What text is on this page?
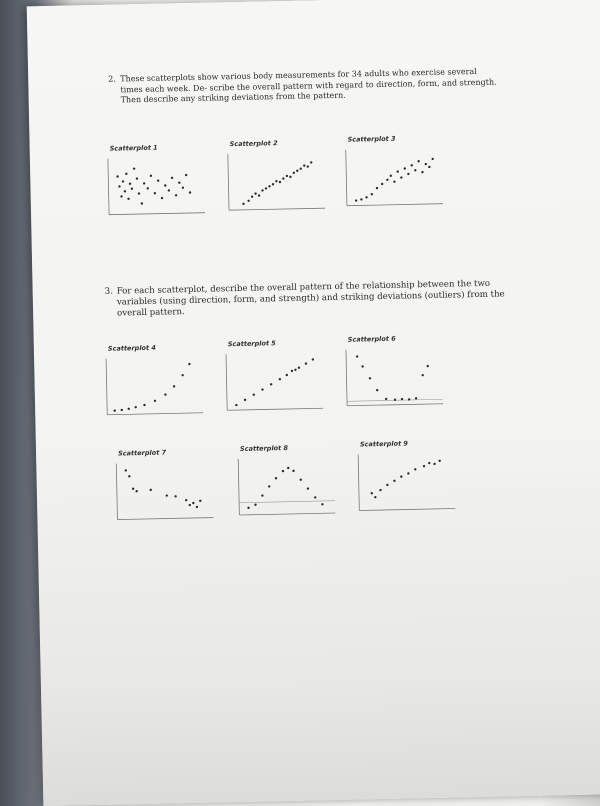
2. These scatterplots show various body measurements for 34 adults who exercise several
times each week. De- scribe the overall pattern with regard to direction, form, and strength.
Then describe any striking deviations from the pattern.
Scatterplot 1
Scatterplot 2	Scatterplot 3
3. For each scatterplot, describe the overall pattern of the relationship between the two
variables (using direction, form, and strength) and striking deviations (outliers) from the
overall pattern.
Scatterplot 4
Scatterplot 5
Scatterplot 6
Scatterplot 7
Scatterplot 8
Scatterplot 9
